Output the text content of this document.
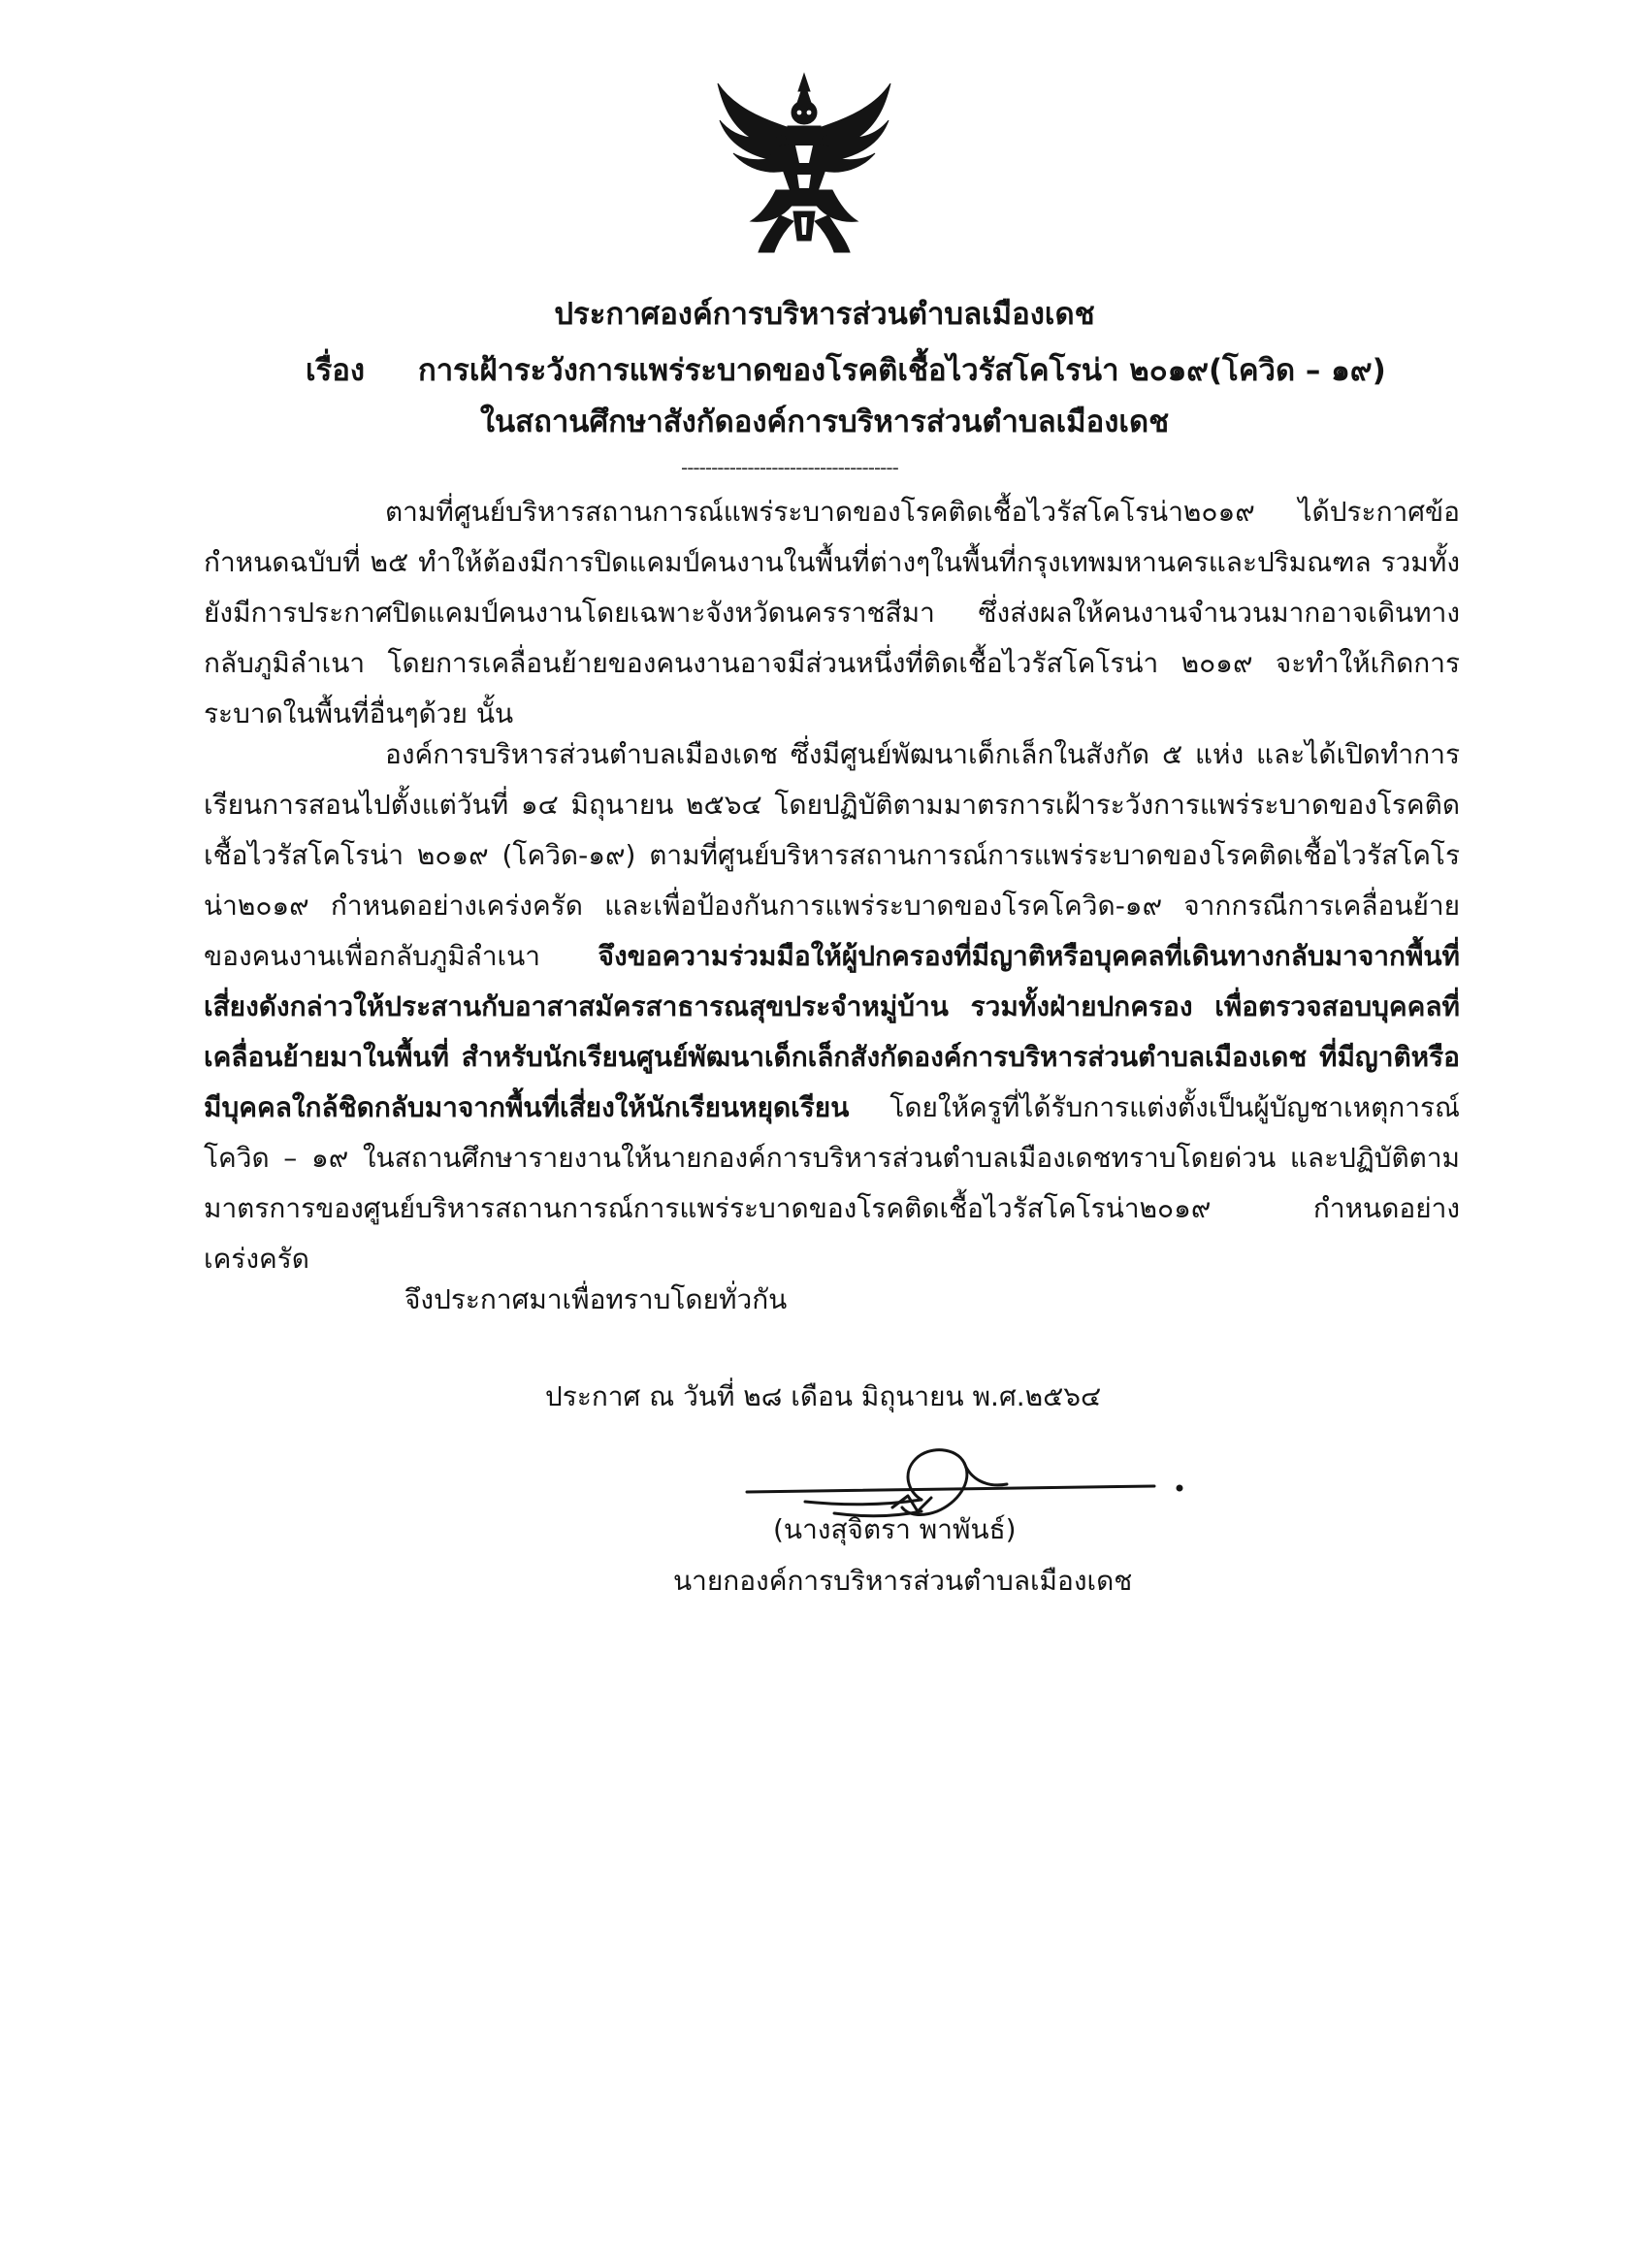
ประกาศองค์การบริหารส่วนตำบลเมืองเดช
เรื่อง การเฝ้าระวังการแพร่ระบาดของโรคติเชื้อไวรัสโคโรน่า ๒๐๑๙(โควิด – ๑๙)
ในสถานศึกษาสังกัดองค์การบริหารส่วนตำบลเมืองเดช
------------------------------------

ตามที่ศูนย์บริหารสถานการณ์แพร่ระบาดของโรคติดเชื้อไวรัสโคโรน่า๒๐๑๙ ได้ประกาศข้อกำหนดฉบับที่ ๒๕ ทำให้ต้องมีการปิดแคมป์คนงานในพื้นที่ต่างๆในพื้นที่กรุงเทพมหานครและปริมณฑล รวมทั้งยังมีการประกาศปิดแคมป์คนงานโดยเฉพาะจังหวัดนครราชสีมา ซึ่งส่งผลให้คนงานจำนวนมากอาจเดินทางกลับภูมิลำเนา โดยการเคลื่อนย้ายของคนงานอาจมีส่วนหนึ่งที่ติดเชื้อไวรัสโคโรน่า ๒๐๑๙ จะทำให้เกิดการระบาดในพื้นที่อื่นๆด้วย นั้น

องค์การบริหารส่วนตำบลเมืองเดช ซึ่งมีศูนย์พัฒนาเด็กเล็กในสังกัด ๕ แห่ง และได้เปิดทำการเรียนการสอนไปตั้งแต่วันที่ ๑๔ มิถุนายน ๒๕๖๔ โดยปฏิบัติตามมาตรการเฝ้าระวังการแพร่ระบาดของโรคติดเชื้อไวรัสโคโรน่า ๒๐๑๙ (โควิด-๑๙) ตามที่ศูนย์บริหารสถานการณ์การแพร่ระบาดของโรคติดเชื้อไวรัสโคโรน่า๒๐๑๙ กำหนดอย่างเคร่งครัด และเพื่อป้องกันการแพร่ระบาดของโรคโควิด-๑๙ จากกรณีการเคลื่อนย้ายของคนงานเพื่อกลับภูมิลำเนา จึงขอความร่วมมือให้ผู้ปกครองที่มีญาติหรือบุคคลที่เดินทางกลับมาจากพื้นที่เสี่ยงดังกล่าวให้ประสานกับอาสาสมัครสาธารณสุขประจำหมู่บ้าน รวมทั้งฝ่ายปกครอง เพื่อตรวจสอบบุคคลที่เคลื่อนย้ายมาในพื้นที่ สำหรับนักเรียนศูนย์พัฒนาเด็กเล็กสังกัดองค์การบริหารส่วนตำบลเมืองเดช ที่มีญาติหรือมีบุคคลใกล้ชิดกลับมาจากพื้นที่เสี่ยงให้นักเรียนหยุดเรียน โดยให้ครูที่ได้รับการแต่งตั้งเป็นผู้บัญชาเหตุการณ์โควิด – ๑๙ ในสถานศึกษารายงานให้นายกองค์การบริหารส่วนตำบลเมืองเดชทราบโดยด่วน และปฏิบัติตามมาตรการของศูนย์บริหารสถานการณ์การแพร่ระบาดของโรคติดเชื้อไวรัสโคโรน่า๒๐๑๙ กำหนดอย่างเคร่งครัด

จึงประกาศมาเพื่อทราบโดยทั่วกัน
ประกาศ ณ วันที่ ๒๘ เดือน มิถุนายน พ.ศ.๒๕๖๔
(นางสุจิตรา พาพันธ์)
นายกองค์การบริหารส่วนตำบลเมืองเดช
